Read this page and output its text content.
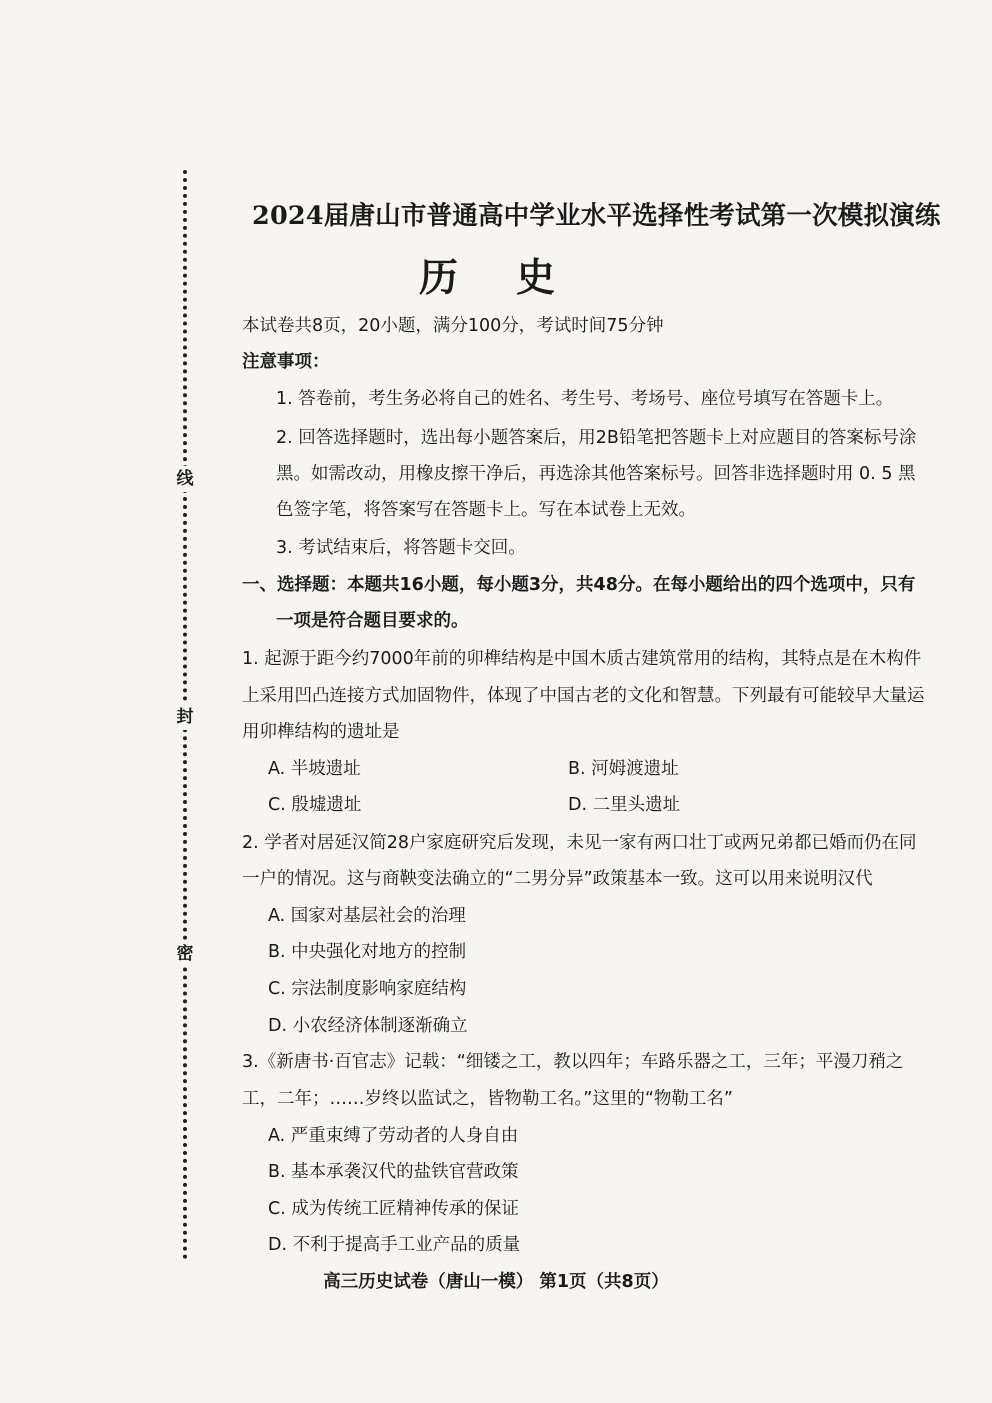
线
封
密
2024届唐山市普通高中学业水平选择性考试第一次模拟演练
历史
本试卷共8页，20小题，满分100分，考试时间75分钟
注意事项：
1. 答卷前，考生务必将自己的姓名、考生号、考场号、座位号填写在答题卡上。
2. 回答选择题时，选出每小题答案后，用2B铅笔把答题卡上对应题目的答案标号涂
黑。如需改动，用橡皮擦干净后，再选涂其他答案标号。回答非选择题时用 0. 5 黑
色签字笔，将答案写在答题卡上。写在本试卷上无效。
3. 考试结束后，将答题卡交回。
一、选择题：本题共16小题，每小题3分，共48分。在每小题给出的四个选项中，只有
一项是符合题目要求的。
1. 起源于距今约7000年前的卯榫结构是中国木质古建筑常用的结构，其特点是在木构件
上采用凹凸连接方式加固物件，体现了中国古老的文化和智慧。下列最有可能较早大量运
用卯榫结构的遗址是
A. 半坡遗址	B. 河姆渡遗址
C. 殷墟遗址	D. 二里头遗址
2. 学者对居延汉简28户家庭研究后发现，未见一家有两口壮丁或两兄弟都已婚而仍在同
一户的情况。这与商鞅变法确立的“二男分异”政策基本一致。这可以用来说明汉代
A. 国家对基层社会的治理
B. 中央强化对地方的控制
C. 宗法制度影响家庭结构
D. 小农经济体制逐渐确立
3.《新唐书·百官志》记载：“细镂之工，教以四年；车路乐器之工，三年；平漫刀矟之
工，二年；……岁终以监试之，皆物勒工名。”这里的“物勒工名”
A. 严重束缚了劳动者的人身自由
B. 基本承袭汉代的盐铁官营政策
C. 成为传统工匠精神传承的保证
D. 不利于提高手工业产品的质量
高三历史试卷（唐山一模） 第1页（共8页）
